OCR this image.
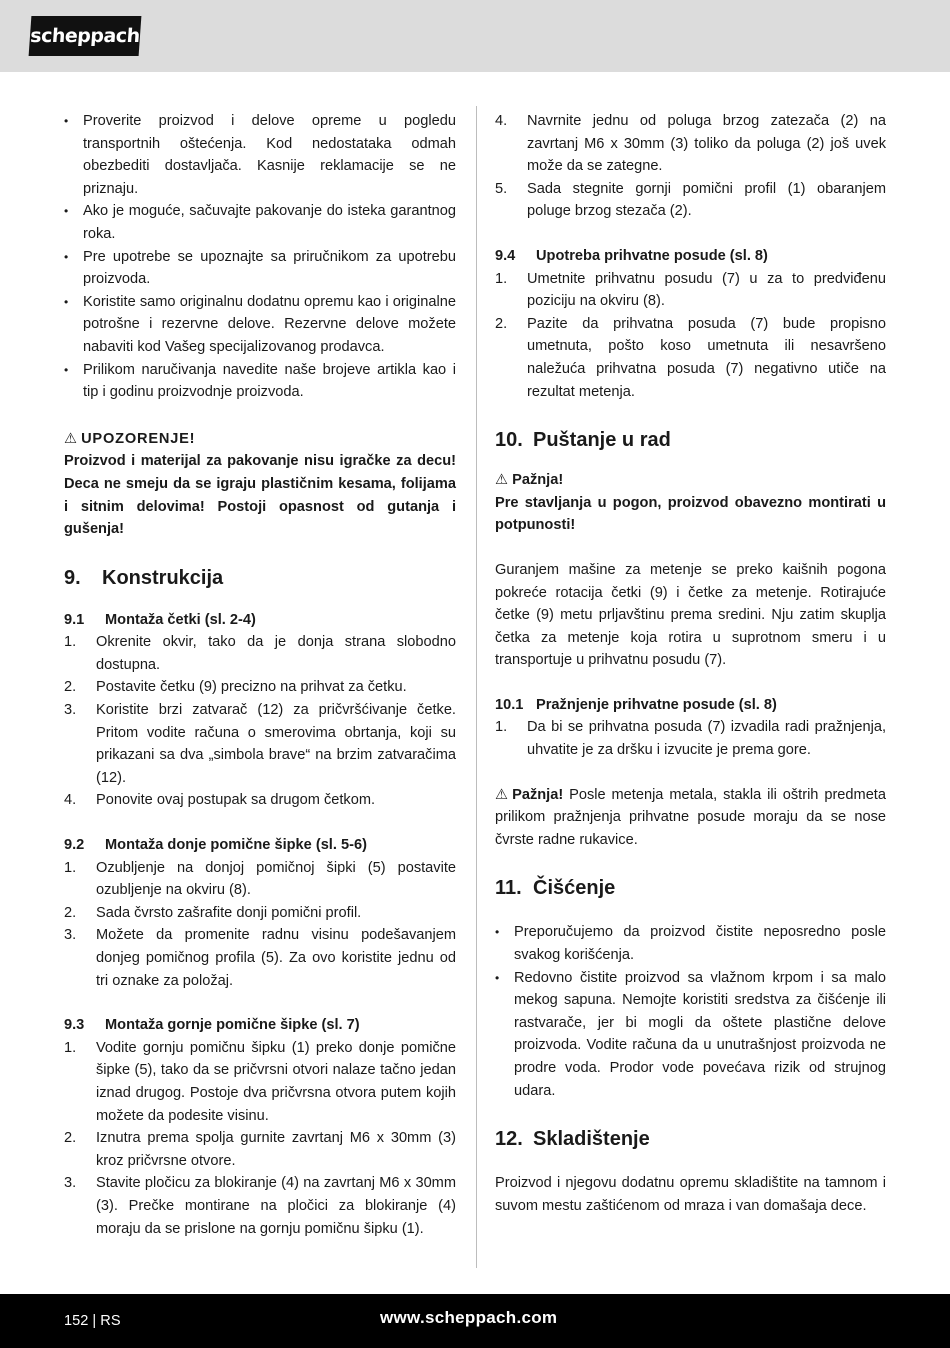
scheppach
• Proverite proizvod i delove opreme u pogledu transportnih oštećenja. Kod nedostataka odmah obezbediti dostavljača. Kasnije reklamacije se ne priznaju.
• Ako je moguće, sačuvajte pakovanje do isteka garantnog roka.
• Pre upotrebe se upoznajte sa priručnikom za upotrebu proizvoda.
• Koristite samo originalnu dodatnu opremu kao i originalne potrošne i rezervne delove. Rezervne delove možete nabaviti kod Vašeg specijalizovanog prodavca.
• Prilikom naručivanja navedite naše brojeve artikla kao i tip i godinu proizvodnje proizvoda.
⚠ UPOZORENJE!

Proizvod i materijal za pakovanje nisu igračke za decu! Deca ne smeju da se igraju plastičnim kesama, folijama i sitnim delovima! Postoji opasnost od gutanja i gušenja!

9. Konstrukcija
9.1 Montaža četki (sl. 2-4)
1. Okrenite okvir, tako da je donja strana slobodno dostupna.
2. Postavite četku (9) precizno na prihvat za četku.
3. Koristite brzi zatvarač (12) za pričvršćivanje četke. Pritom vodite računa o smerovima obrtanja, koji su prikazani sa dva „simbola brave“ na brzim zatvaračima (12).
4. Ponovite ovaj postupak sa drugom četkom.
9.2 Montaža donje pomične šipke (sl. 5-6)
1. Ozubljenje na donjoj pomičnoj šipki (5) postavite ozubljenje na okviru (8).
2. Sada čvrsto zašrafite donji pomični profil.
3. Možete da promenite radnu visinu podešavanjem donjeg pomičnog profila (5). Za ovo koristite jednu od tri oznake za položaj.
9.3 Montaža gornje pomične šipke (sl. 7)
1. Vodite gornju pomičnu šipku (1) preko donje pomične šipke (5), tako da se pričvrsni otvori nalaze tačno jedan iznad drugog. Postoje dva pričvrsna otvora putem kojih možete da podesite visinu.
2. Iznutra prema spolja gurnite zavrtanj M6 x 30mm (3) kroz pričvrsne otvore.
3. Stavite pločicu za blokiranje (4) na zavrtanj M6 x 30mm (3). Prečke montirane na pločici za blokiranje (4) moraju da se prislone na gornju pomičnu šipku (1).
4. Navrnite jednu od poluga brzog zatezača (2) na zavrtanj M6 x 30mm (3) toliko da poluga (2) još uvek može da se zategne.
5. Sada stegnite gornji pomični profil (1) obaranjem poluge brzog stezača (2).
9.4 Upotreba prihvatne posude (sl. 8)
1. Umetnite prihvatnu posudu (7) u za to predviđenu poziciju na okviru (8).
2. Pazite da prihvatna posuda (7) bude propisno umetnuta, pošto koso umetnuta ili nesavršeno naležuća prihvatna posuda (7) negativno utiče na rezultat metenja.
10. Puštanje u rad
⚠ Pažnja!

Pre stavljanja u pogon, proizvod obavezno montirati u potpunosti!

Guranjem mašine za metenje se preko kaišnih pogona pokreće rotacija četki (9) i četke za metenje. Rotirajuće četke (9) metu prljavštinu prema sredini. Nju zatim skuplja četka za metenje koja rotira u suprotnom smeru i u transportuje u prihvatnu posudu (7).

10.1 Pražnjenje prihvatne posude (sl. 8)
1. Da bi se prihvatna posuda (7) izvadila radi pražnjenja, uhvatite je za dršku i izvucite je prema gore.

⚠ Pažnja! Posle metenja metala, stakla ili oštrih predmeta prilikom pražnjenja prihvatne posude moraju da se nose čvrste radne rukavice.

11. Čišćenje
• Preporučujemo da proizvod čistite neposredno posle svakog korišćenja.
• Redovno čistite proizvod sa vlažnom krpom i sa malo mekog sapuna. Nemojte koristiti sredstva za čišćenje ili rastvarače, jer bi mogli da oštete plastične delove proizvoda. Vodite računa da u unutrašnjost proizvoda ne prodre voda. Prodor vode povećava rizik od strujnog udara.
12. Skladištenje

Proizvod i njegovu dodatnu opremu skladištite na tamnom i suvom mestu zaštićenom od mraza i van domašaja dece.

152 | RS	www.scheppach.com
